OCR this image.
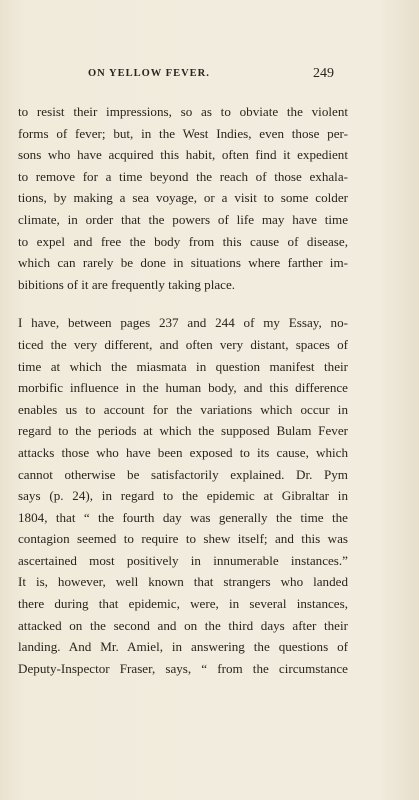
ON YELLOW FEVER.	249
to resist their impressions, so as to obviate the violent
forms of fever; but, in the West Indies, even those per-
sons who have acquired this habit, often find it expedient
to remove for a time beyond the reach of those exhala-
tions, by making a sea voyage, or a visit to some colder
climate, in order that the powers of life may have time
to expel and free the body from this cause of disease,
which can rarely be done in situations where farther im-
bibitions of it are frequently taking place.
I have, between pages 237 and 244 of my Essay, no-
ticed the very different, and often very distant, spaces of
time at which the miasmata in question manifest their
morbific influence in the human body, and this difference
enables us to account for the variations which occur in
regard to the periods at which the supposed Bulam Fever
attacks those who have been exposed to its cause, which
cannot otherwise be satisfactorily explained. Dr. Pym
says (p. 24), in regard to the epidemic at Gibraltar in
1804, that “ the fourth day was generally the time the
contagion seemed to require to shew itself; and this was
ascertained most positively in innumerable instances.”
It is, however, well known that strangers who landed
there during that epidemic, were, in several instances,
attacked on the second and on the third days after their
landing. And Mr. Amiel, in answering the questions of
Deputy-Inspector Fraser, says, “ from the circumstance
